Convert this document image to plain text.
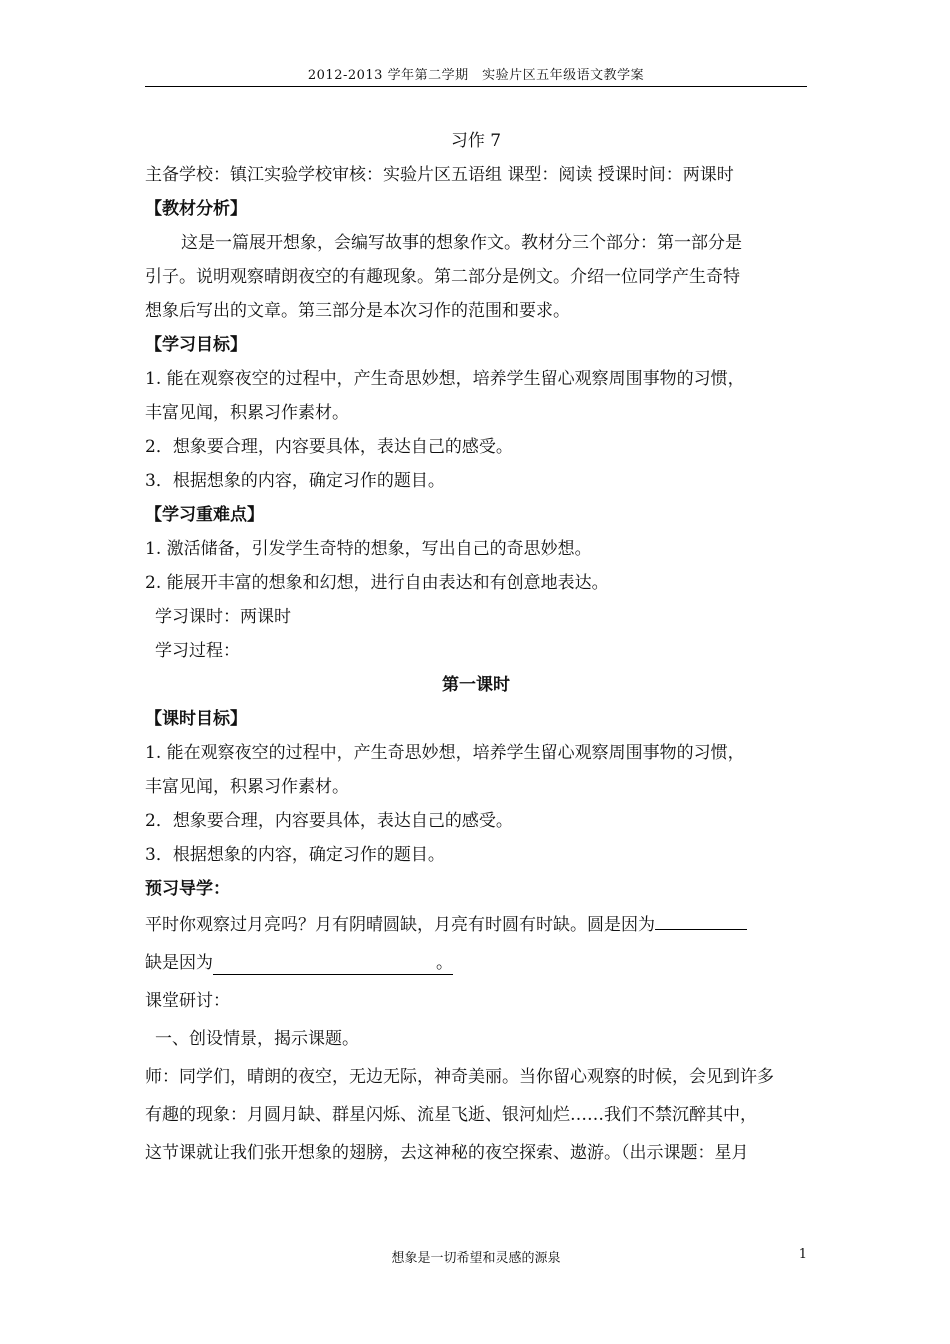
2012-2013 学年第二学期　实验片区五年级语文教学案
习作 7
主备学校：镇江实验学校审核：实验片区五语组 课型：阅读 授课时间：两课时
【教材分析】
这是一篇展开想象，会编写故事的想象作文。教材分三个部分：第一部分是
引子。说明观察晴朗夜空的有趣现象。第二部分是例文。介绍一位同学产生奇特
想象后写出的文章。第三部分是本次习作的范围和要求。
【学习目标】
1. 能在观察夜空的过程中，产生奇思妙想，培养学生留心观察周围事物的习惯，
丰富见闻，积累习作素材。
2．想象要合理，内容要具体，表达自己的感受。
3．根据想象的内容，确定习作的题目。
【学习重难点】
1. 激活储备，引发学生奇特的想象，写出自己的奇思妙想。
2. 能展开丰富的想象和幻想，进行自由表达和有创意地表达。
学习课时：两课时
学习过程：
第一课时
【课时目标】
1. 能在观察夜空的过程中，产生奇思妙想，培养学生留心观察周围事物的习惯，
丰富见闻，积累习作素材。
2．想象要合理，内容要具体，表达自己的感受。
3．根据想象的内容，确定习作的题目。
预习导学：
平时你观察过月亮吗？月有阴晴圆缺，月亮有时圆有时缺。圆是因为
缺是因为	。
课堂研讨：
一、创设情景，揭示课题。
师：同学们，晴朗的夜空，无边无际，神奇美丽。当你留心观察的时候，会见到许多
有趣的现象：月圆月缺、群星闪烁、流星飞逝、银河灿烂……我们不禁沉醉其中，
这节课就让我们张开想象的翅膀，去这神秘的夜空探索、遨游。（出示课题：星月
想象是一切希望和灵感的源泉	1
